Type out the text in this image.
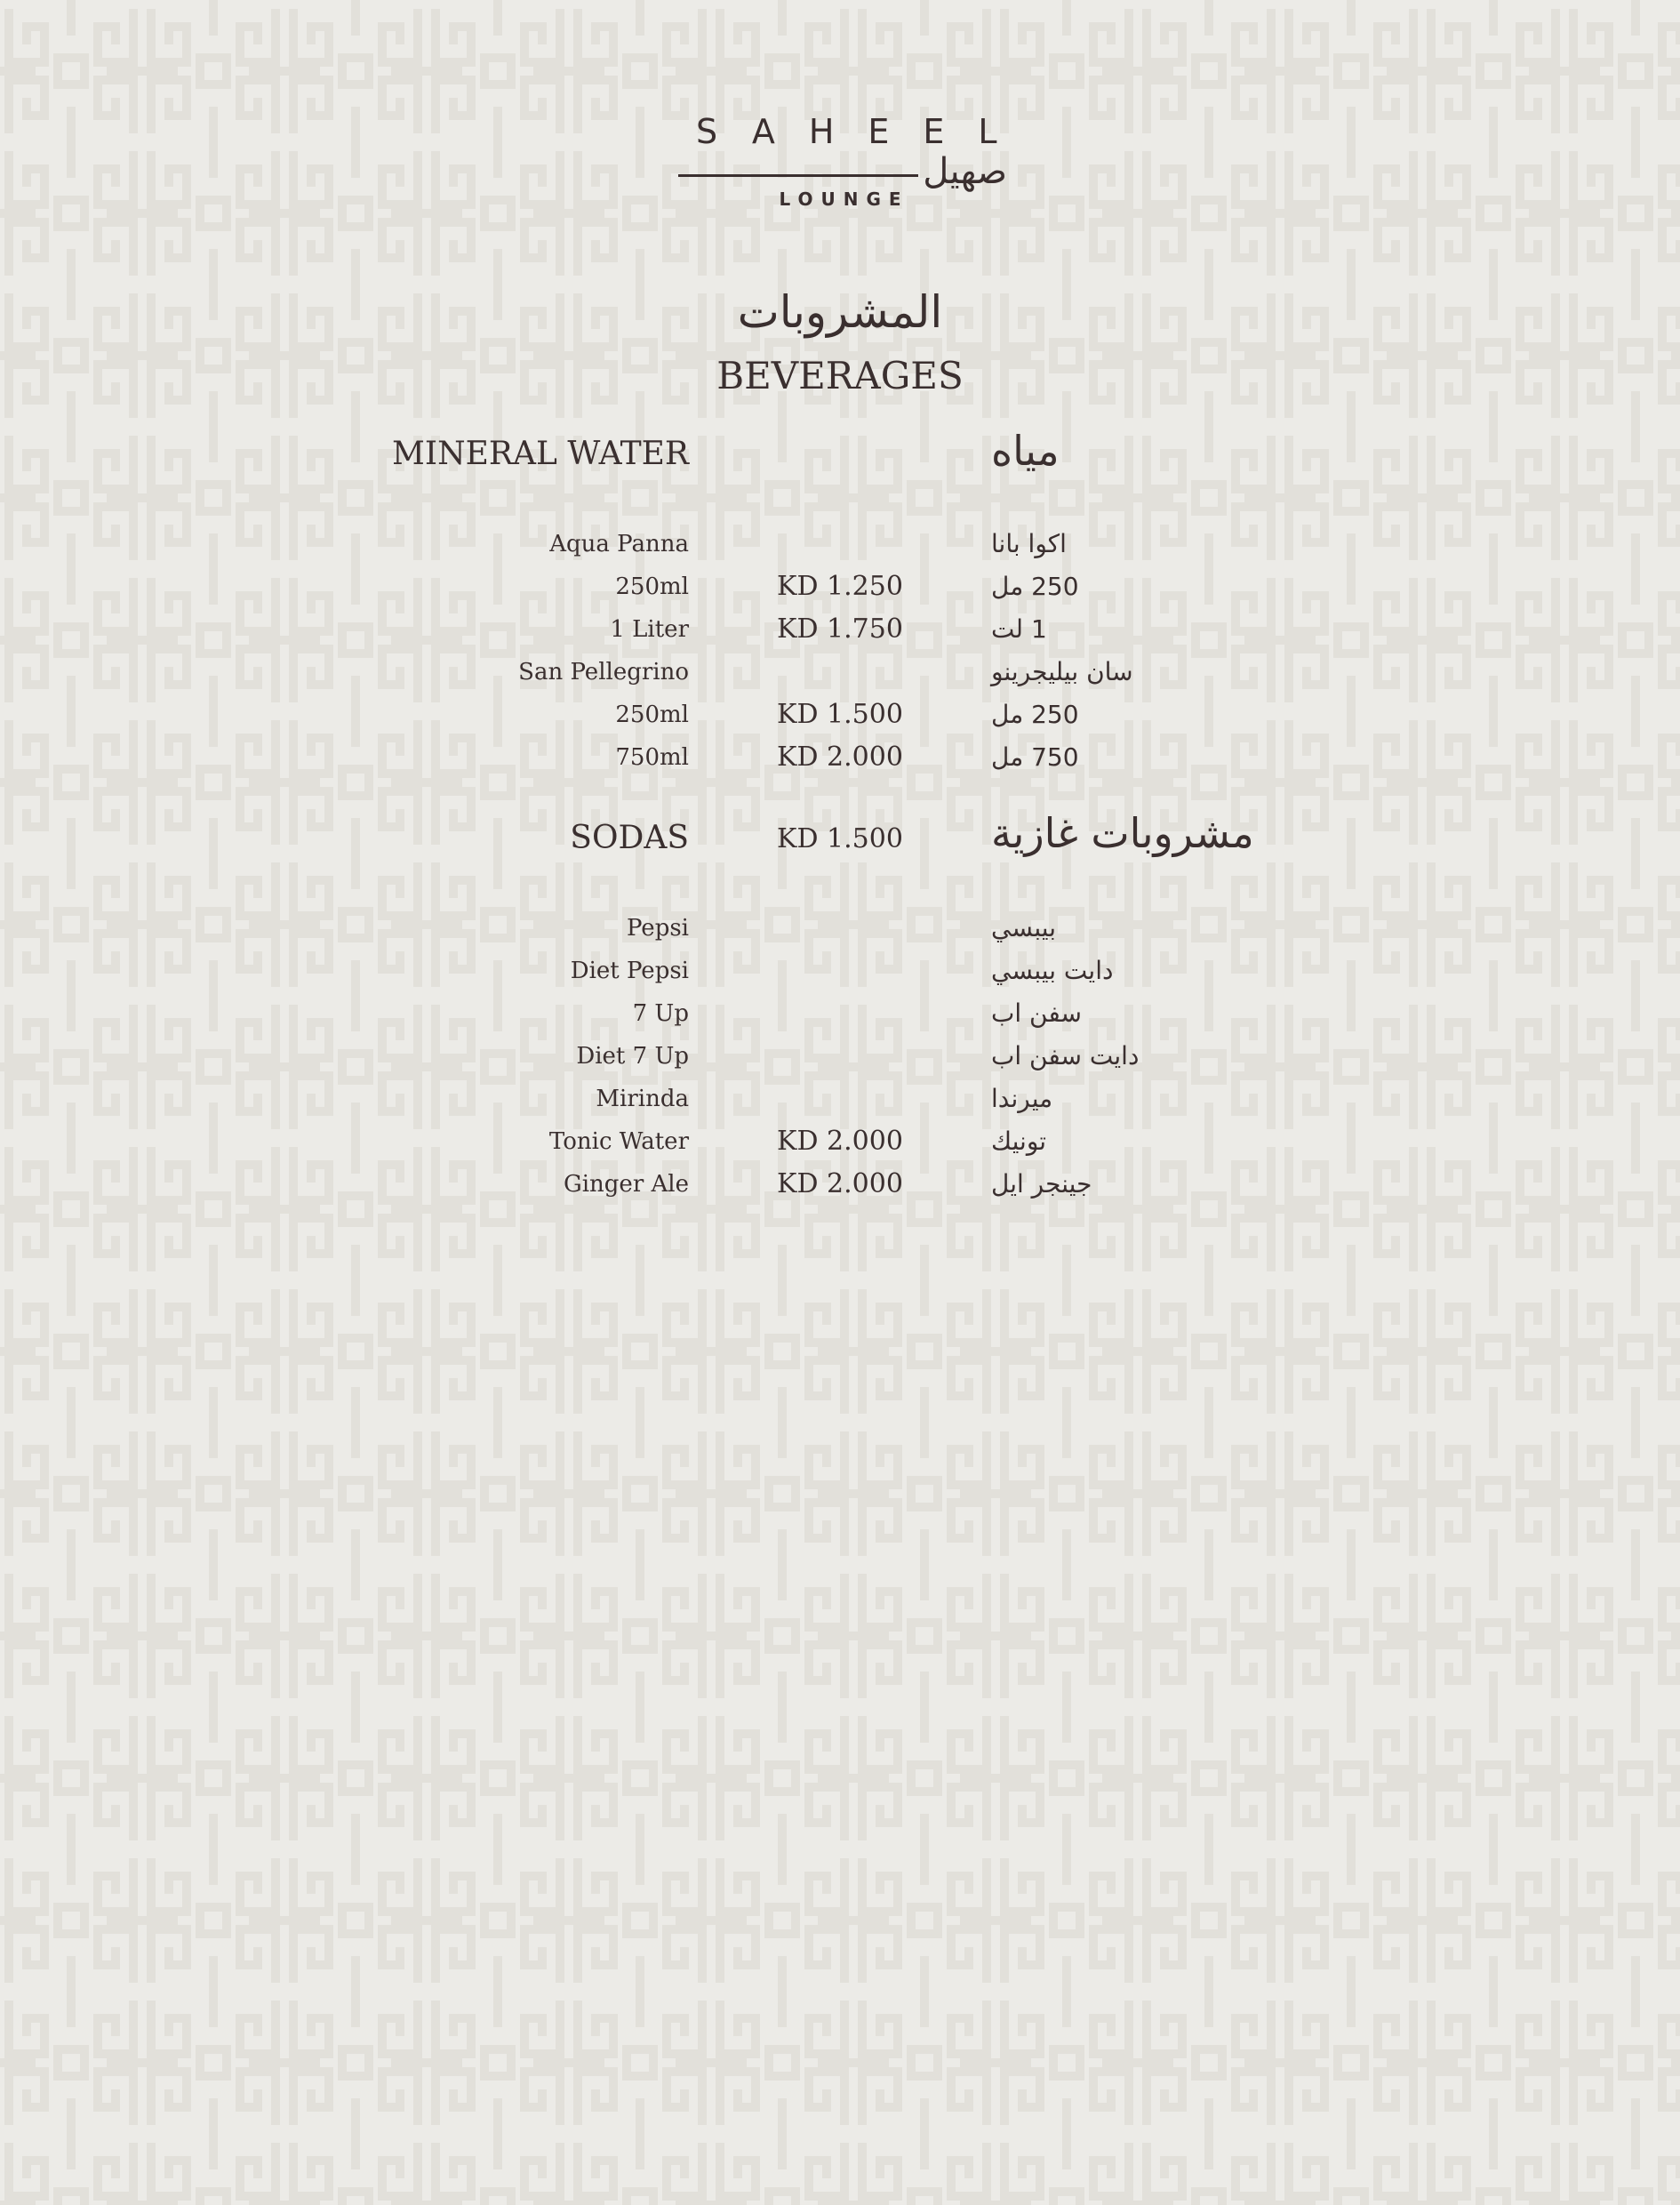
SAHEEL
صهيل
LOUNGE
المشروبات
BEVERAGES
MINERAL WATER	مياه
Aqua Panna	اكوا بانا
250ml	KD 1.250	250 مل
1 Liter	KD 1.750	1 لت
San Pellegrino	سان بيليجرينو
250ml	KD 1.500	250 مل
750ml	KD 2.000	750 مل
SODAS	KD 1.500	مشروبات غازية
Pepsi	بيبسي
Diet Pepsi	دايت بيبسي
7 Up	سفن اب
Diet 7 Up	دايت سفن اب
Mirinda	ميرندا
Tonic Water	KD 2.000	تونيك
Ginger Ale	KD 2.000	جينجر ايل
